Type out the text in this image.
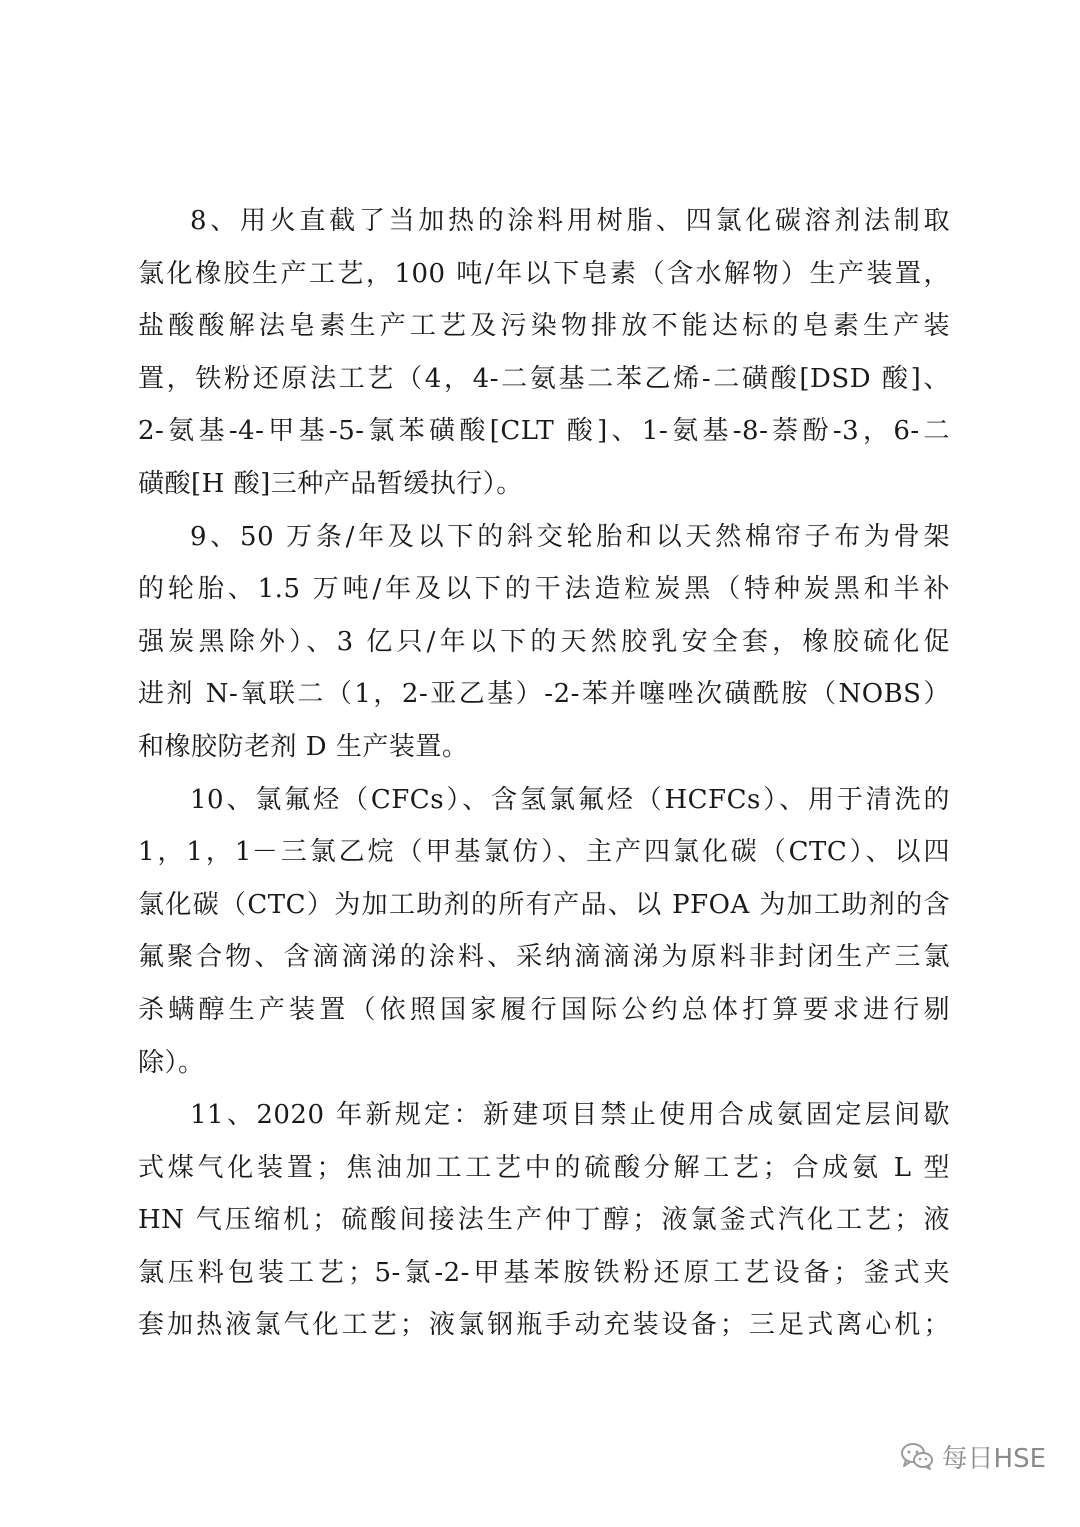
8、用火直截了当加热的涂料用树脂、四氯化碳溶剂法制取
氯化橡胶生产工艺，100 吨/年以下皂素（含水解物）生产装置，
盐酸酸解法皂素生产工艺及污染物排放不能达标的皂素生产装
置，铁粉还原法工艺（4，4-二氨基二苯乙烯-二磺酸[DSD 酸]、
2-氨基-4-甲基-5-氯苯磺酸[CLT 酸]、1-氨基-8-萘酚-3，6-二
磺酸[H 酸]三种产品暂缓执行）。
9、50 万条/年及以下的斜交轮胎和以天然棉帘子布为骨架
的轮胎、1.5 万吨/年及以下的干法造粒炭黑（特种炭黑和半补
强炭黑除外）、3 亿只/年以下的天然胶乳安全套，橡胶硫化促
进剂 N-氧联二（1，2-亚乙基）-2-苯并噻唑次磺酰胺（NOBS）
和橡胶防老剂 D 生产装置。
10、氯氟烃（CFCs）、含氢氯氟烃（HCFCs）、用于清洗的
1，1，1－三氯乙烷（甲基氯仿）、主产四氯化碳（CTC）、以四
氯化碳（CTC）为加工助剂的所有产品、以 PFOA 为加工助剂的含
氟聚合物、含滴滴涕的涂料、采纳滴滴涕为原料非封闭生产三氯
杀螨醇生产装置（依照国家履行国际公约总体打算要求进行剔
除）。
11、2020 年新规定：新建项目禁止使用合成氨固定层间歇
式煤气化装置；焦油加工工艺中的硫酸分解工艺；合成氨 L 型
HN 气压缩机；硫酸间接法生产仲丁醇；液氯釜式汽化工艺；液
氯压料包装工艺；5-氯-2-甲基苯胺铁粉还原工艺设备；釜式夹
套加热液氯气化工艺；液氯钢瓶手动充装设备；三足式离心机；
每日HSE
